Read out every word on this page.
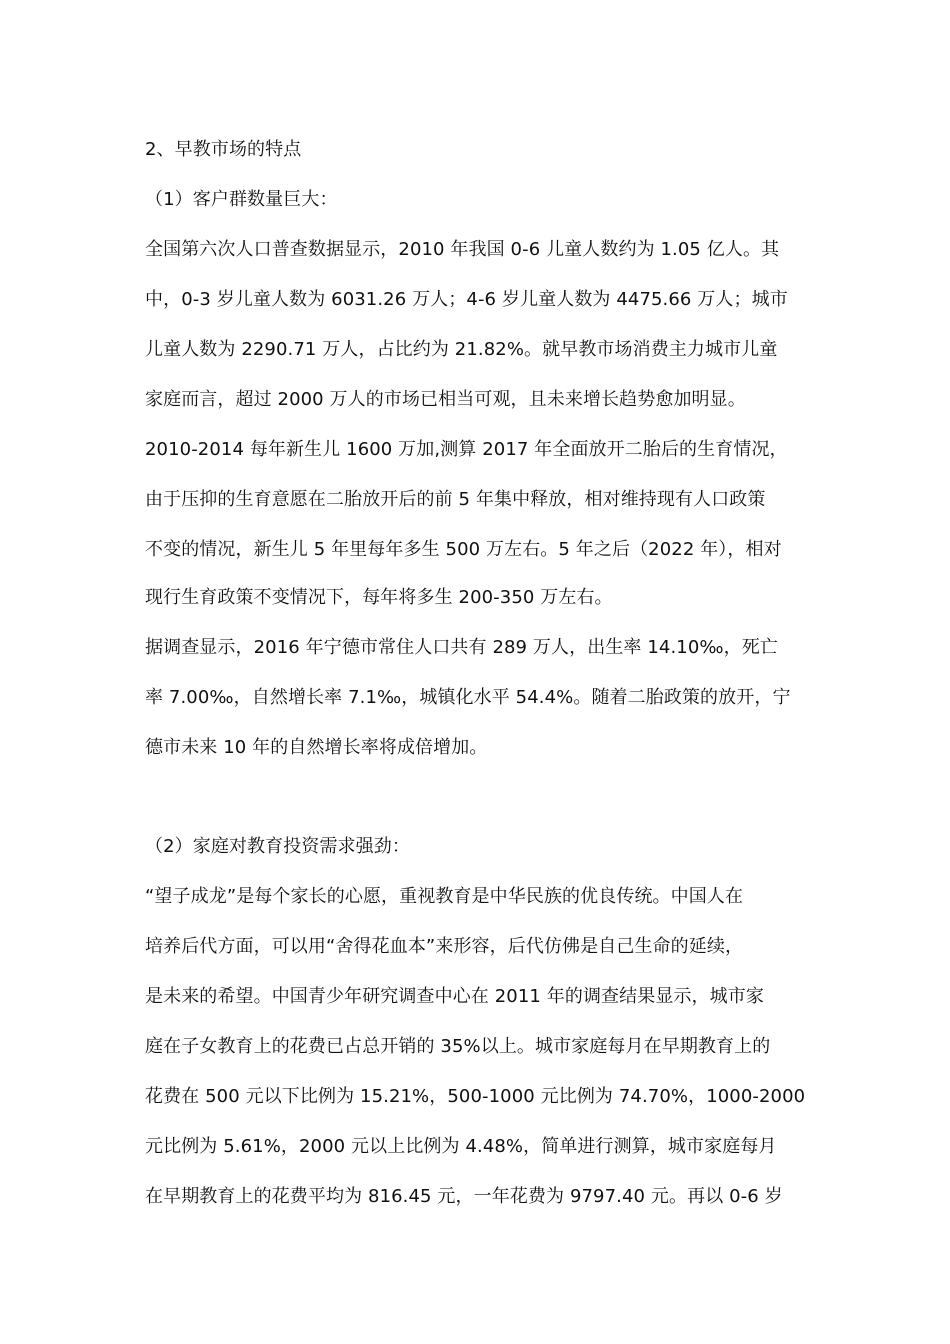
2、早教市场的特点
（1）客户群数量巨大：
全国第六次人口普查数据显示，2010 年我国 0-6 儿童人数约为 1.05 亿人。其
中，0-3 岁儿童人数为 6031.26 万人；4-6 岁儿童人数为 4475.66 万人；城市
儿童人数为 2290.71 万人，占比约为 21.82%。就早教市场消费主力城市儿童
家庭而言，超过 2000 万人的市场已相当可观，且未来增长趋势愈加明显。
2010-2014 每年新生儿 1600 万加,测算 2017 年全面放开二胎后的生育情况，
由于压抑的生育意愿在二胎放开后的前 5 年集中释放，相对维持现有人口政策
不变的情况，新生儿 5 年里每年多生 500 万左右。5 年之后（2022 年），相对
现行生育政策不变情况下，每年将多生 200-350 万左右。
据调查显示，2016 年宁德市常住人口共有 289 万人，出生率 14.10‰，死亡
率 7.00‰，自然增长率 7.1‰，城镇化水平 54.4%。随着二胎政策的放开，宁
德市未来 10 年的自然增长率将成倍增加。
（2）家庭对教育投资需求强劲：
“望子成龙”是每个家长的心愿，重视教育是中华民族的优良传统。中国人在
培养后代方面，可以用“舍得花血本”来形容，后代仿佛是自己生命的延续，
是未来的希望。中国青少年研究调查中心在 2011 年的调查结果显示，城市家
庭在子女教育上的花费已占总开销的 35%以上。城市家庭每月在早期教育上的
花费在 500 元以下比例为 15.21%，500-1000 元比例为 74.70%，1000-2000
元比例为 5.61%，2000 元以上比例为 4.48%，简单进行测算，城市家庭每月
在早期教育上的花费平均为 816.45 元，一年花费为 9797.40 元。再以 0-6 岁
